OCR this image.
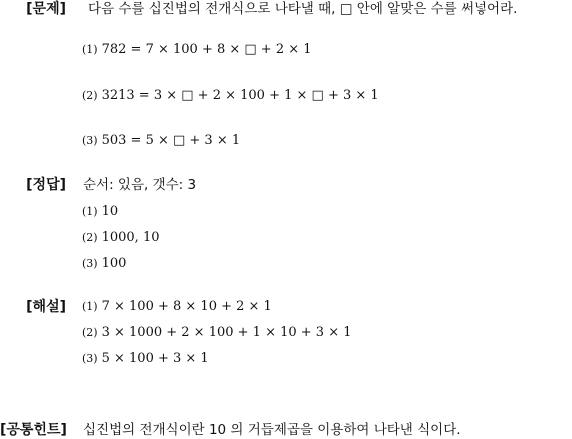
[문제] 다음 수를 십진법의 전개식으로 나타낼 때, □ 안에 알맞은 수를 써넣어라.
(1) 782 = 7 × 100 + 8 × □ + 2 × 1
(2) 3213 = 3 × □ + 2 × 100 + 1 × □ + 3 × 1
(3) 503 = 5 × □ + 3 × 1
[정답] 순서: 있음, 갯수: 3
(1) 10
(2) 1000, 10
(3) 100
[해설] (1) 7 × 100 + 8 × 10 + 2 × 1
(2) 3 × 1000 + 2 × 100 + 1 × 10 + 3 × 1
(3) 5 × 100 + 3 × 1
[공통힌트] 십진법의 전개식이란 10 의 거듭제곱을 이용하여 나타낸 식이다.
